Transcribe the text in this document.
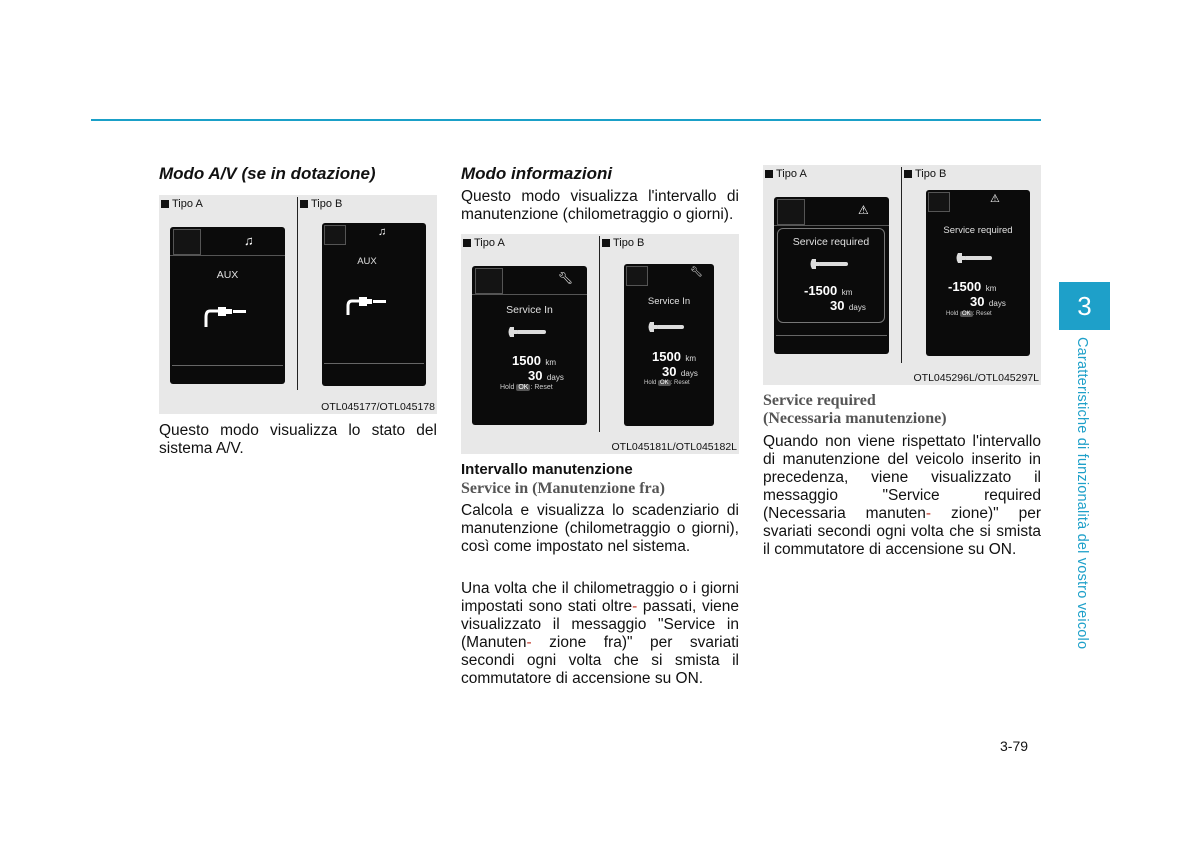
Modo A/V (se in dotazione)
Tipo A	Tipo B
♫
AUX
♫
AUX
OTL045177/OTL045178
Questo modo visualizza lo stato del sistema A/V.
Modo informazioni
Questo modo visualizza l'intervallo di manutenzione (chilometraggio o giorni).
Tipo A	Tipo B
🔧︎
Service In
1500 km
30 days
Hold OK : Reset
🔧︎
Service In
1500 km
30 days
Hold OK : Reset
OTL045181L/OTL045182L
Intervallo manutenzione
Service in (Manutenzione fra)
Calcola e visualizza lo scadenziario di manutenzione (chilometraggio o giorni), così come impostato nel sistema.
Una volta che il chilometraggio o i giorni impostati sono stati oltre- passati, viene visualizzato il messaggio "Service in (Manuten- zione fra)" per svariati secondi ogni volta che si smista il commutatore di accensione su ON.
Tipo A	Tipo B
⚠
Service required
-1500 km
30 days
⚠
Service required
-1500 km
30 days
Hold OK : Reset
OTL045296L/OTL045297L
Service required
(Necessaria manutenzione)
Quando non viene rispettato l'intervallo di manutenzione del veicolo inserito in precedenza, viene visualizzato il messaggio "Service required (Necessaria manuten- zione)" per svariati secondi ogni volta che si smista il commutatore di accensione su ON.
3
Caratteristiche di funzionalità del vostro veicolo
3-79
